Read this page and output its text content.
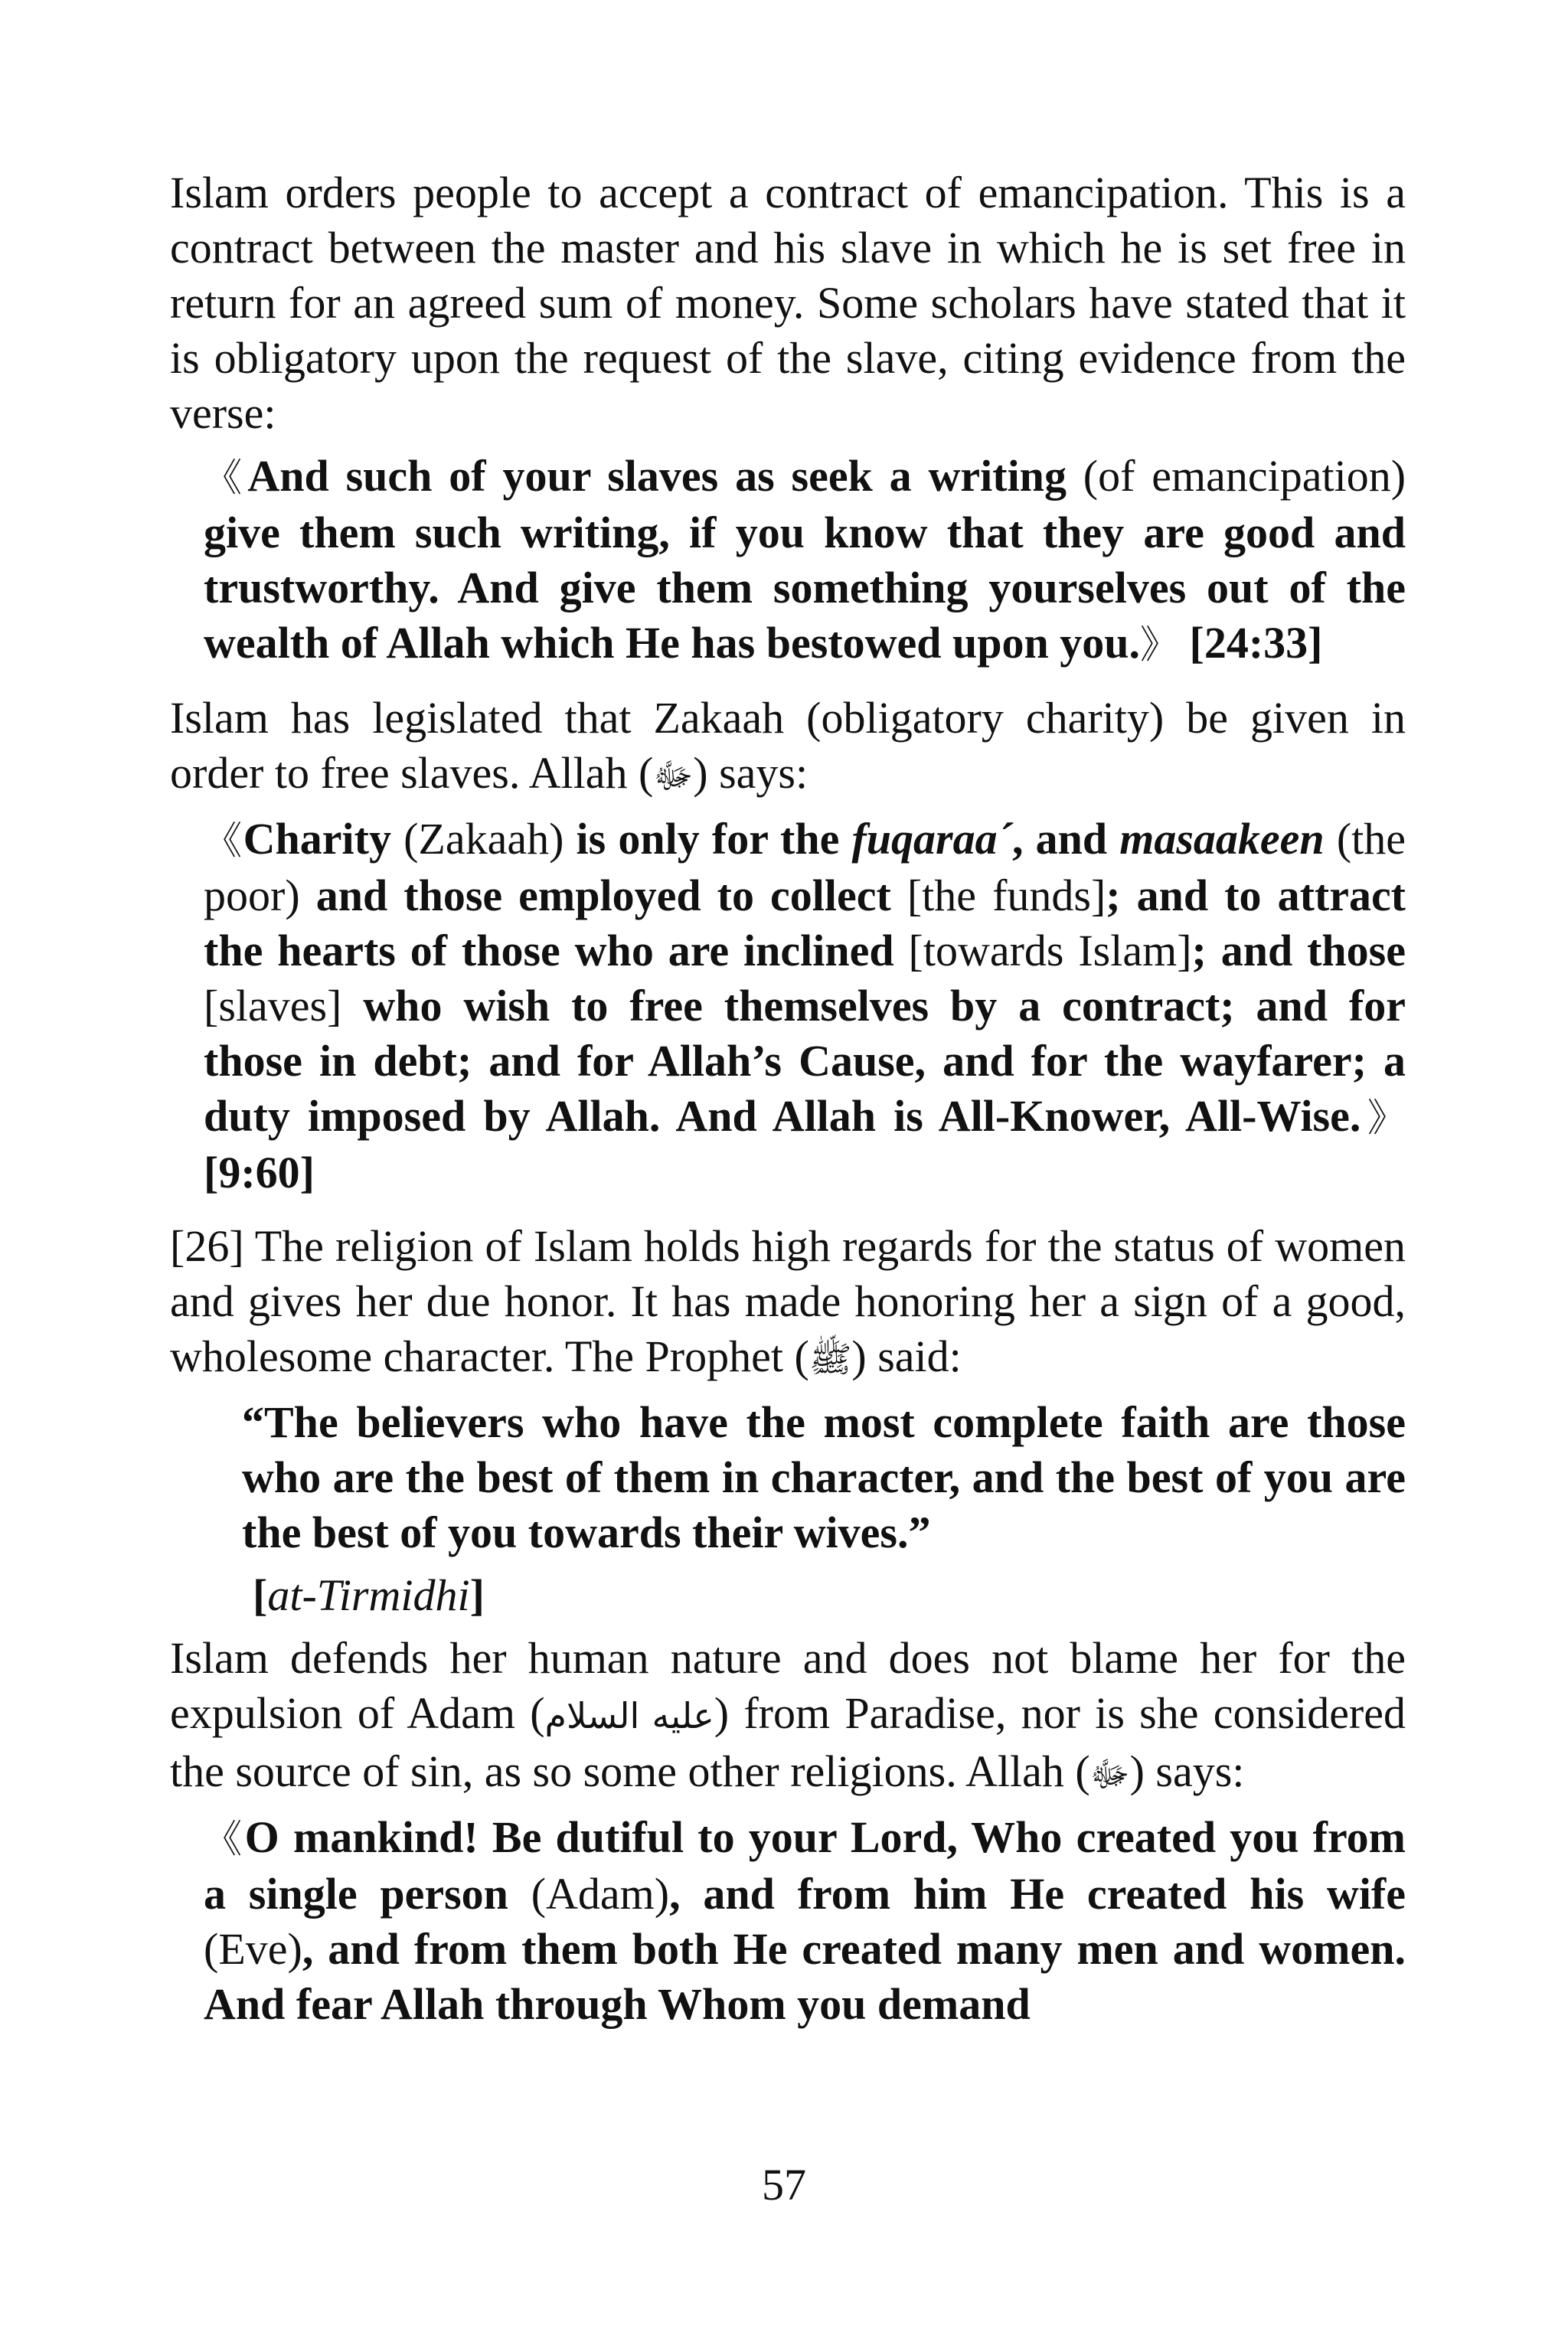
Islam orders people to accept a contract of emancipation. This is a contract between the master and his slave in which he is set free in return for an agreed sum of money. Some scholars have stated that it is obligatory upon the request of the slave, citing evidence from the verse:

《And such of your slaves as seek a writing (of emancipation) give them such writing, if you know that they are good and trustworthy. And give them something yourselves out of the wealth of Allah which He has bestowed upon you.》 [24:33]

Islam has legislated that Zakaah (obligatory charity) be given in order to free slaves. Allah (ﷻ) says:

《Charity (Zakaah) is only for the fuqaraa´, and masaakeen (the poor) and those employed to collect [the funds]; and to attract the hearts of those who are inclined [towards Islam]; and those [slaves] who wish to free themselves by a contract; and for those in debt; and for Allah’s Cause, and for the wayfarer; a duty imposed by Allah. And Allah is All-Knower, All-Wise.》 [9:60]

[26] The religion of Islam holds high regards for the status of women and gives her due honor. It has made honoring her a sign of a good, wholesome character. The Prophet (ﷺ) said:

“The believers who have the most complete faith are those who are the best of them in character, and the best of you are the best of you towards their wives.”

[at-Tirmidhi]

Islam defends her human nature and does not blame her for the expulsion of Adam (عليه السلام) from Paradise, nor is she considered the source of sin, as so some other religions. Allah (ﷻ) says:

《O mankind! Be dutiful to your Lord, Who created you from a single person (Adam), and from him He created his wife (Eve), and from them both He created many men and women. And fear Allah through Whom you demand

57
